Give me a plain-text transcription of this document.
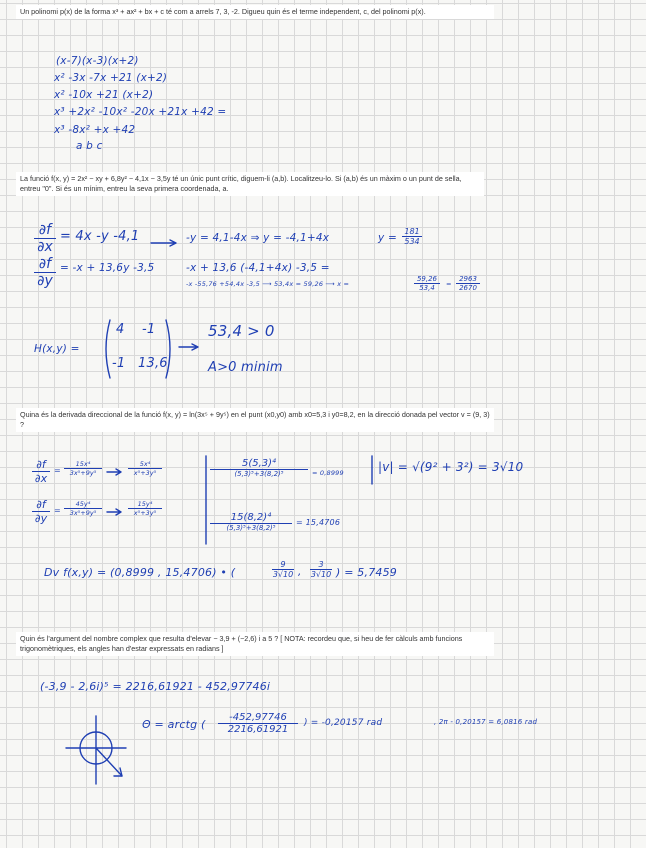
Un polinomi p(x) de la forma x³ + ax² + bx + c té com a arrels 7, 3, -2. Digueu quin és el terme independent, c, del polinomi p(x).
(x-7)(x-3)(x+2)
x² -3x -7x +21 (x+2)
x² -10x +21 (x+2)
x³ +2x² -10x² -20x +21x +42 =
x³ -8x² +x +42
a b c
La funció f(x, y) = 2x² − xy + 6,8y² − 4,1x − 3,5y té un únic punt crític, diguem-li (a,b). Localitzeu-lo. Si (a,b) és un màxim o un punt de sella, entreu "0". Si és un mínim, entreu la seva primera coordenada, a.
$\frac{\partial f}{\partial x} = 4x$ -y -4,1
$\frac{\partial f}{\partial y} = -x + 13,6y$ -3,5
-y = 4,1-4x ⇒ y = -4,1+4x	$y = \frac{181}{534}$
-x + 13,6 (-4,1+4x) -3,5 =
-x -55,76 +54,4x -3,5 ⟶ 53,4x = 59,26 ⟶ x =	$\frac{59,26}{53,4} = \frac{2963}{2670}$
H(x,y) =
4 -1
-1 13,6
53,4 > 0
A>0 minim
Quina és la derivada direccional de la funció f(x, y) = ln(3x⁵ + 9y⁵) en el punt (x0,y0) amb x0=5,3 i y0=8,2, en la direcció donada pel vector v = (9, 3) ?
$\frac{\partial f}{\partial x} = \frac{\text{15x⁴}}{\text{3x⁵+9y⁵}}$	$\frac{\text{5x⁴}}{\text{x⁵+3y⁵}}$
$\frac{\partial f}{\partial y} = \frac{\text{45y⁴}}{\text{3x⁵+9y⁵}}$	$\frac{\text{15y⁴}}{\text{x⁵+3y⁵}}$
5(5,3)⁴
(5,3)⁵+3(8,2)⁵	= 0,8999
15(8,2)⁴
(5,3)⁵+3(8,2)⁵
= 15,4706
|v| = √(9² + 3²) = 3√10
Dv f(x,y) = (0,8999 , 15,4706) • (	$\frac{9}{3√10}$ , $\frac{3}{3√10}$ ) = 5,7459
Quin és l'argument del nombre complex que resulta d'elevar − 3,9 + (−2,6) i a 5 ? [ NOTA: recordeu que, si heu de fer càlculs amb funcions trigonomètriques, els angles han d'estar expressats en radians ]
(-3,9 - 2,6i)⁵ = 2216,61921 - 452,97746i
Θ = arctg ( $\frac{-452,97746}{2216,61921}$ ) = -0,20157 rad	, 2π - 0,20157 = 6,0816 rad
